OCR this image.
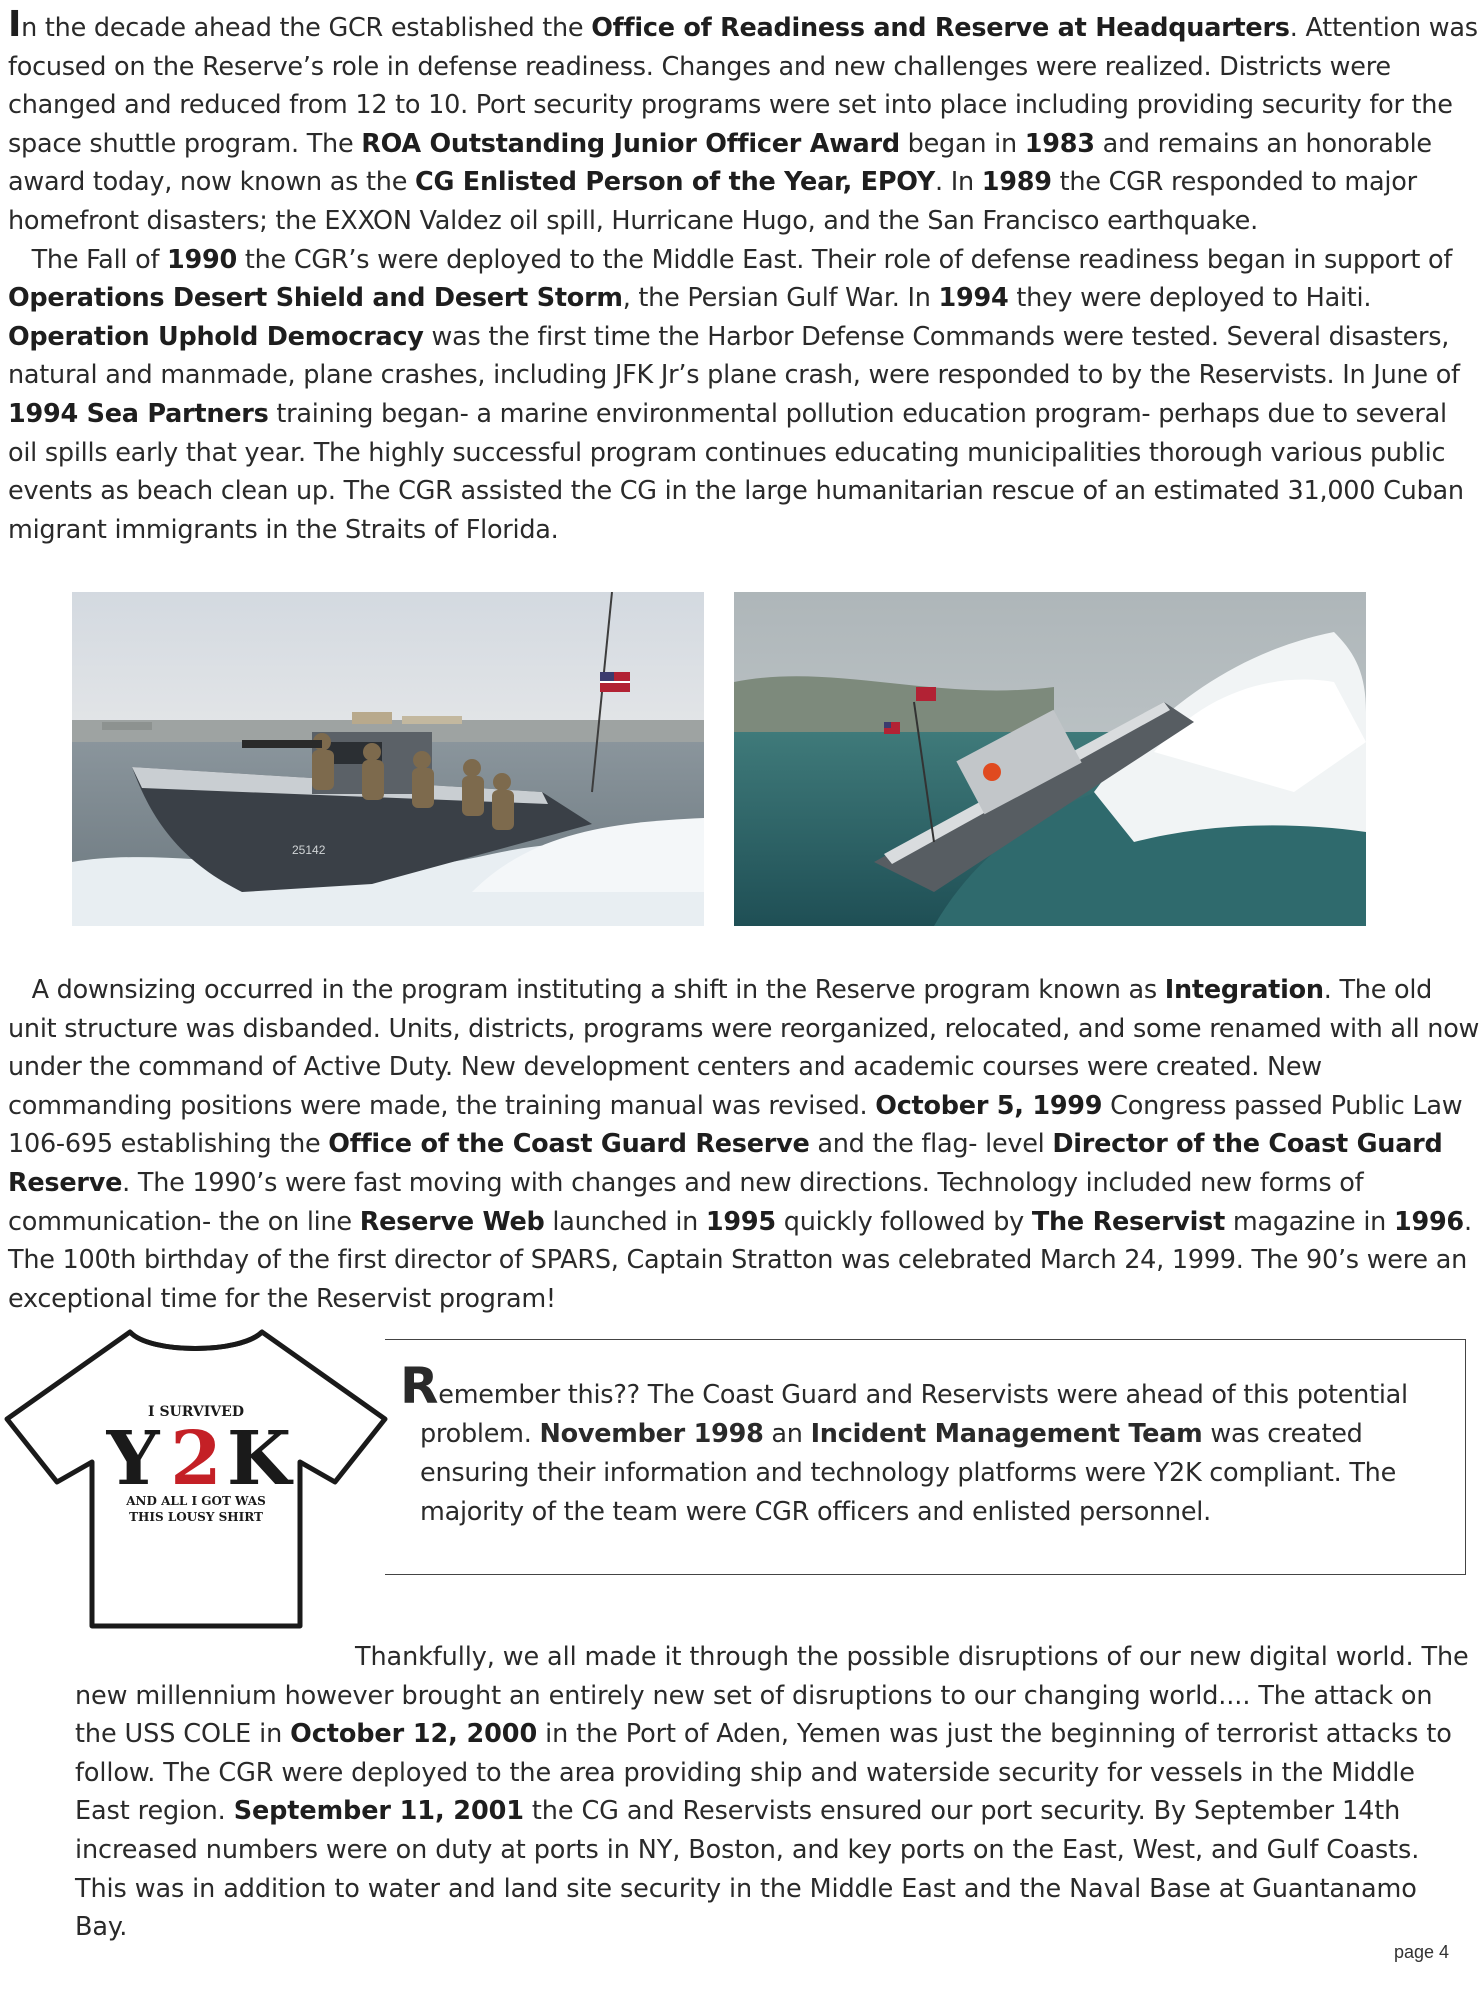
In the decade ahead the GCR established the Office of Readiness and Reserve at Headquarters. Attention was focused on the Reserve’s role in defense readiness. Changes and new challenges were realized. Districts were changed and reduced from 12 to 10. Port security programs were set into place including providing security for the space shuttle program. The ROA Outstanding Junior Officer Award began in 1983 and remains an honorable award today, now known as the CG Enlisted Person of the Year, EPOY. In 1989 the CGR responded to major homefront disasters; the EXXON Valdez oil spill, Hurricane Hugo, and the San Francisco earthquake.
The Fall of 1990 the CGR’s were deployed to the Middle East. Their role of defense readiness began in support of Operations Desert Shield and Desert Storm, the Persian Gulf War. In 1994 they were deployed to Haiti. Operation Uphold Democracy was the first time the Harbor Defense Commands were tested. Several disasters, natural and manmade, plane crashes, including JFK Jr’s plane crash, were responded to by the Reservists. In June of 1994 Sea Partners training began- a marine environmental pollution education program- perhaps due to several oil spills early that year. The highly successful program continues educating municipalities thorough various public events as beach clean up. The CGR assisted the CG in the large humanitarian rescue of an estimated 31,000 Cuban migrant immigrants in the Straits of Florida.

25142

A downsizing occurred in the program instituting a shift in the Reserve program known as Integration. The old unit structure was disbanded. Units, districts, programs were reorganized, relocated, and some renamed with all now under the command of Active Duty. New development centers and academic courses were created. New commanding positions were made, the training manual was revised. October 5, 1999 Congress passed Public Law 106-695 establishing the Office of the Coast Guard Reserve and the flag- level Director of the Coast Guard Reserve. The 1990’s were fast moving with changes and new directions. Technology included new forms of communication- the on line Reserve Web launched in 1995 quickly followed by The Reservist magazine in 1996. The 100th birthday of the first director of SPARS, Captain Stratton was celebrated March 24, 1999. The 90’s were an exceptional time for the Reservist program!

I SURVIVED
Y 2 K
AND ALL I GOT WAS
THIS LOUSY SHIRT

Remember this?? The Coast Guard and Reservists were ahead of this potential
problem. November 1998 an Incident Management Team was created ensuring their information and technology platforms were Y2K compliant. The majority of the team were CGR officers and enlisted personnel.

Thankfully, we all made it through the possible disruptions of our new digital world. The new millennium however brought an entirely new set of disruptions to our changing world.... The attack on the USS COLE in October 12, 2000 in the Port of Aden, Yemen was just the beginning of terrorist attacks to follow. The CGR were deployed to the area providing ship and waterside security for vessels in the Middle East region. September 11, 2001 the CG and Reservists ensured our port security. By September 14th increased numbers were on duty at ports in NY, Boston, and key ports on the East, West, and Gulf Coasts. This was in addition to water and land site security in the Middle East and the Naval Base at Guantanamo Bay.

page 4
